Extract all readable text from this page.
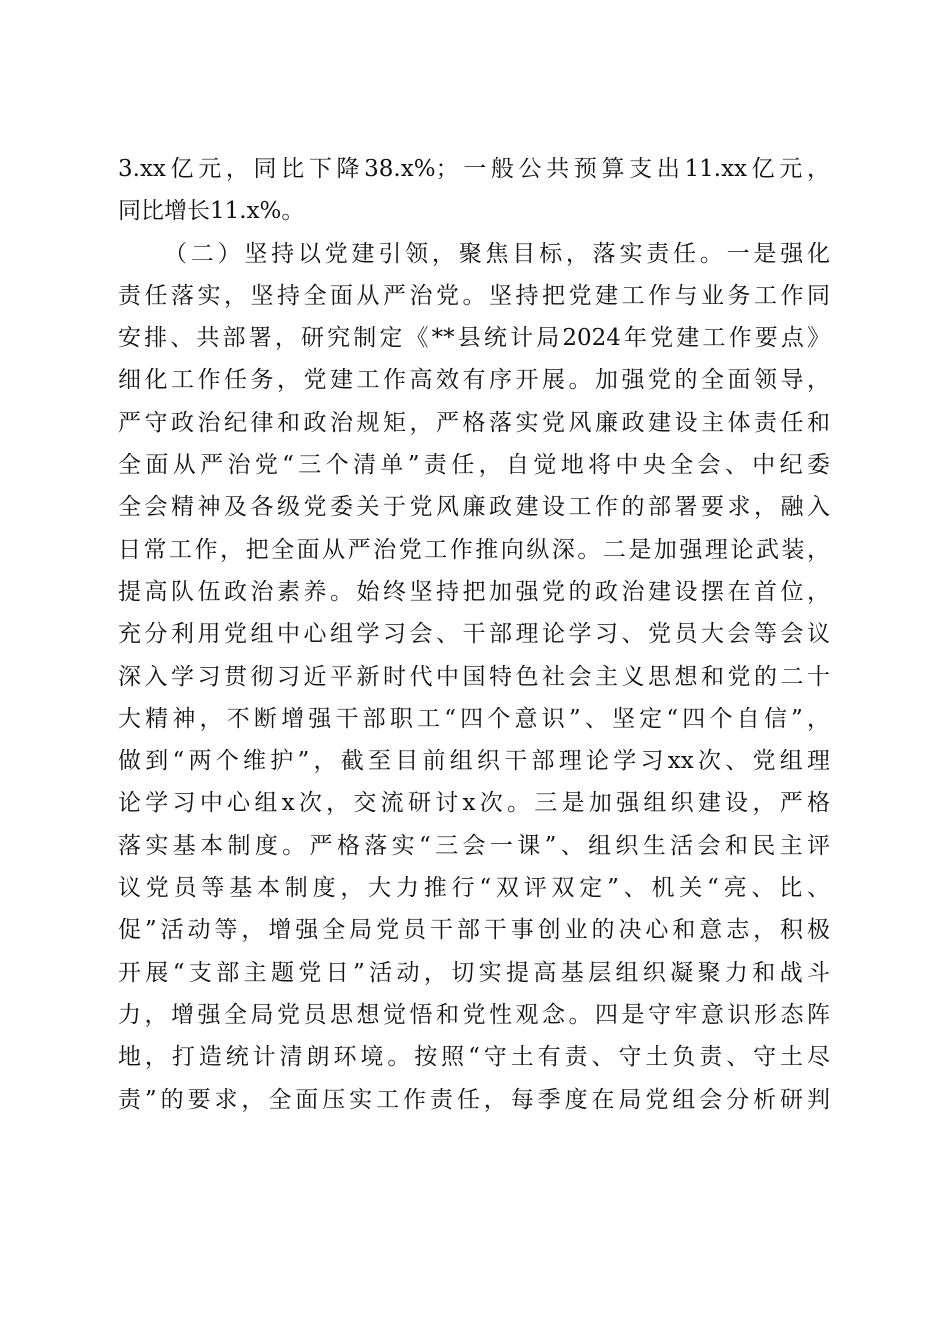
3.xx亿元，同比下降38.x%；一般公共预算支出11.xx亿元，
同比增长11.x%。
（二）坚持以党建引领，聚焦目标，落实责任。一是强化
责任落实，坚持全面从严治党。坚持把党建工作与业务工作同
安排、共部署，研究制定《**县统计局2024年党建工作要点》
细化工作任务，党建工作高效有序开展。加强党的全面领导，
严守政治纪律和政治规矩，严格落实党风廉政建设主体责任和
全面从严治党“三个清单”责任，自觉地将中央全会、中纪委
全会精神及各级党委关于党风廉政建设工作的部署要求，融入
日常工作，把全面从严治党工作推向纵深。二是加强理论武装，
提高队伍政治素养。始终坚持把加强党的政治建设摆在首位，
充分利用党组中心组学习会、干部理论学习、党员大会等会议
深入学习贯彻习近平新时代中国特色社会主义思想和党的二十
大精神，不断增强干部职工“四个意识”、坚定“四个自信”，
做到“两个维护”，截至目前组织干部理论学习xx次、党组理
论学习中心组x次，交流研讨x次。三是加强组织建设，严格
落实基本制度。严格落实“三会一课”、组织生活会和民主评
议党员等基本制度，大力推行“双评双定”、机关“亮、比、
促”活动等，增强全局党员干部干事创业的决心和意志，积极
开展“支部主题党日”活动，切实提高基层组织凝聚力和战斗
力，增强全局党员思想觉悟和党性观念。四是守牢意识形态阵
地，打造统计清朗环境。按照“守土有责、守土负责、守土尽
责”的要求，全面压实工作责任，每季度在局党组会分析研判
